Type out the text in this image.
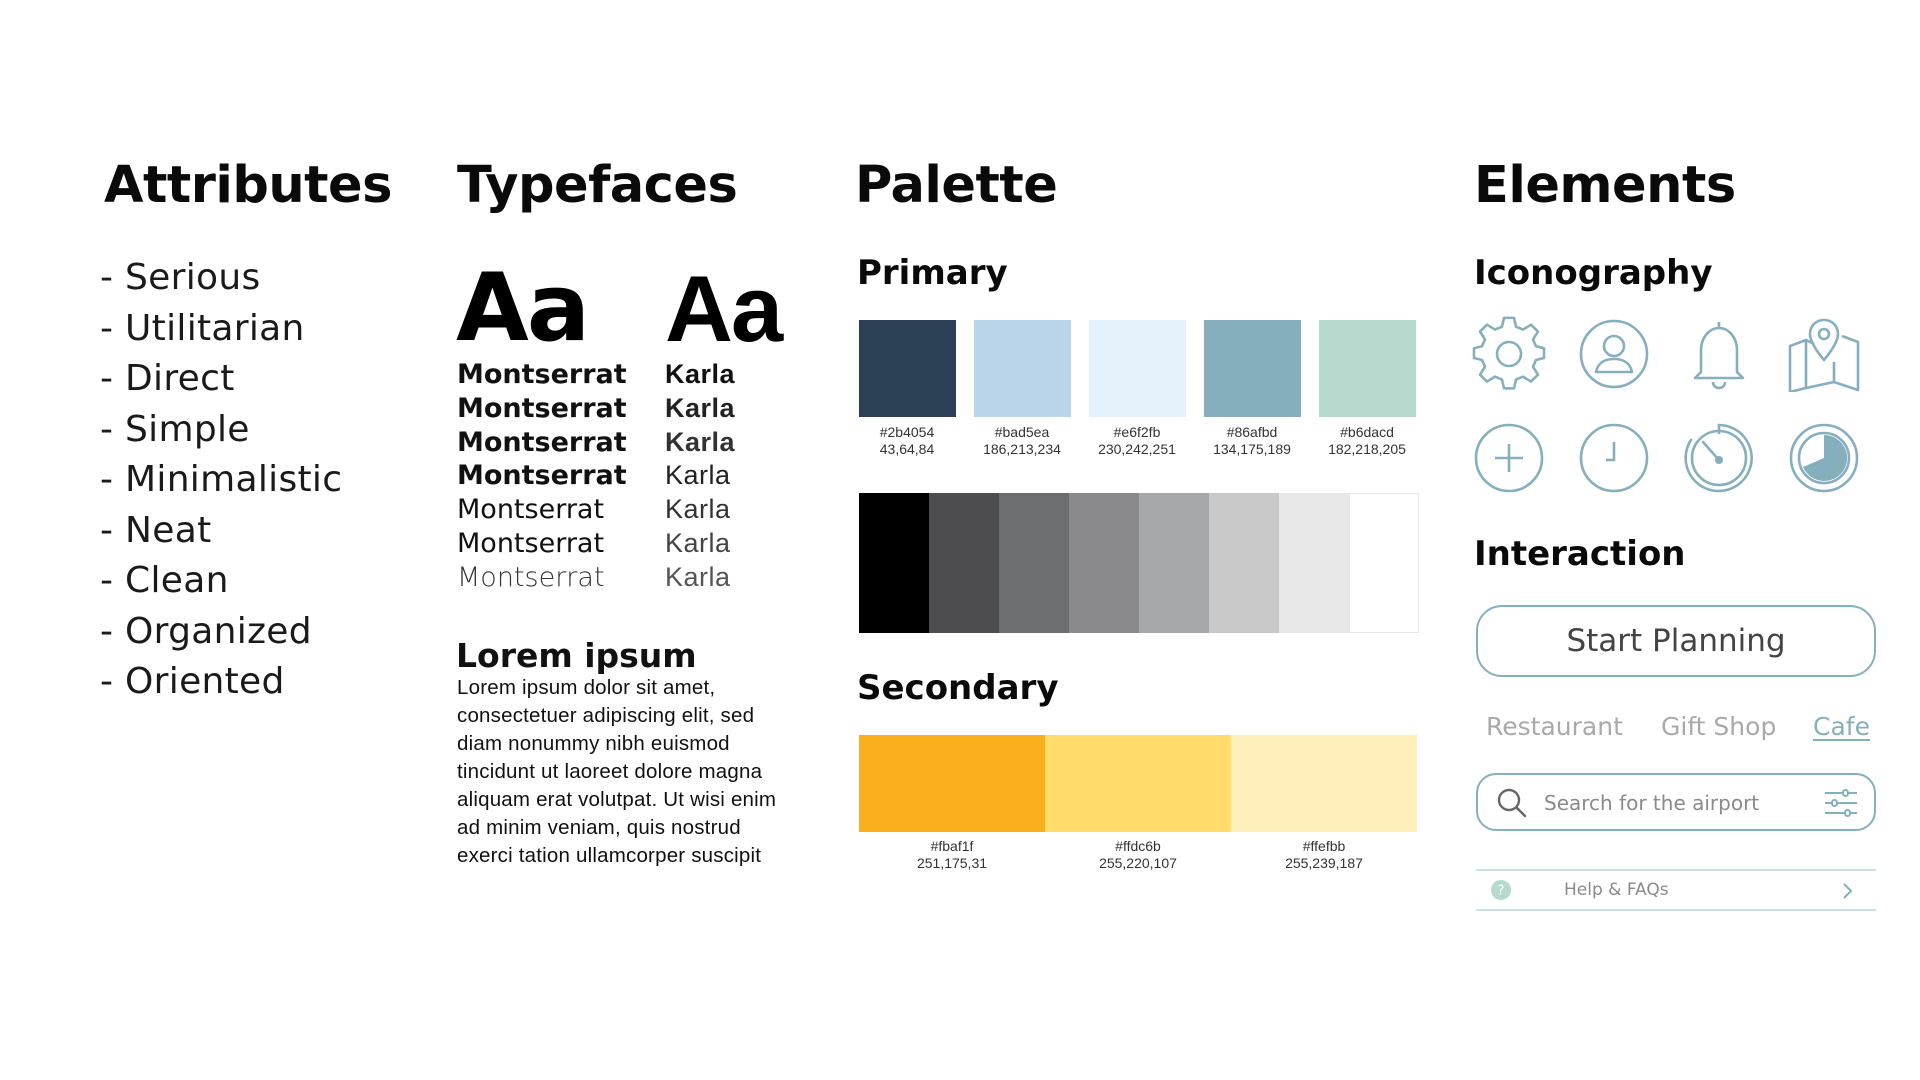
Attributes
- Serious
- Utilitarian
- Direct
- Simple
- Minimalistic
- Neat
- Clean
- Organized
- Oriented
Typefaces
Aa Aa
Montserrat
Montserrat
Montserrat
Montserrat
Montserrat
Montserrat
Montserrat
Karla
Karla
Karla
Karla
Karla
Karla
Karla
Lorem ipsum
Lorem ipsum dolor sit amet, consectetuer adipiscing elit, sed diam nonummy nibh euismod tincidunt ut laoreet dolore magna aliquam erat volutpat. Ut wisi enim ad minim veniam, quis nostrud exerci tation ullamcorper suscipit
Palette
Primary
#2b4054
43,64,84
#bad5ea
186,213,234
#e6f2fb
230,242,251
#86afbd
134,175,189
#b6dacd
182,218,205
Secondary
#fbaf1f
251,175,31
#ffdc6b
255,220,107
#ffefbb
255,239,187
Elements
Iconography
Interaction
Start Planning
Restaurant Gift Shop Cafe
Search for the airport
?	Help & FAQs
